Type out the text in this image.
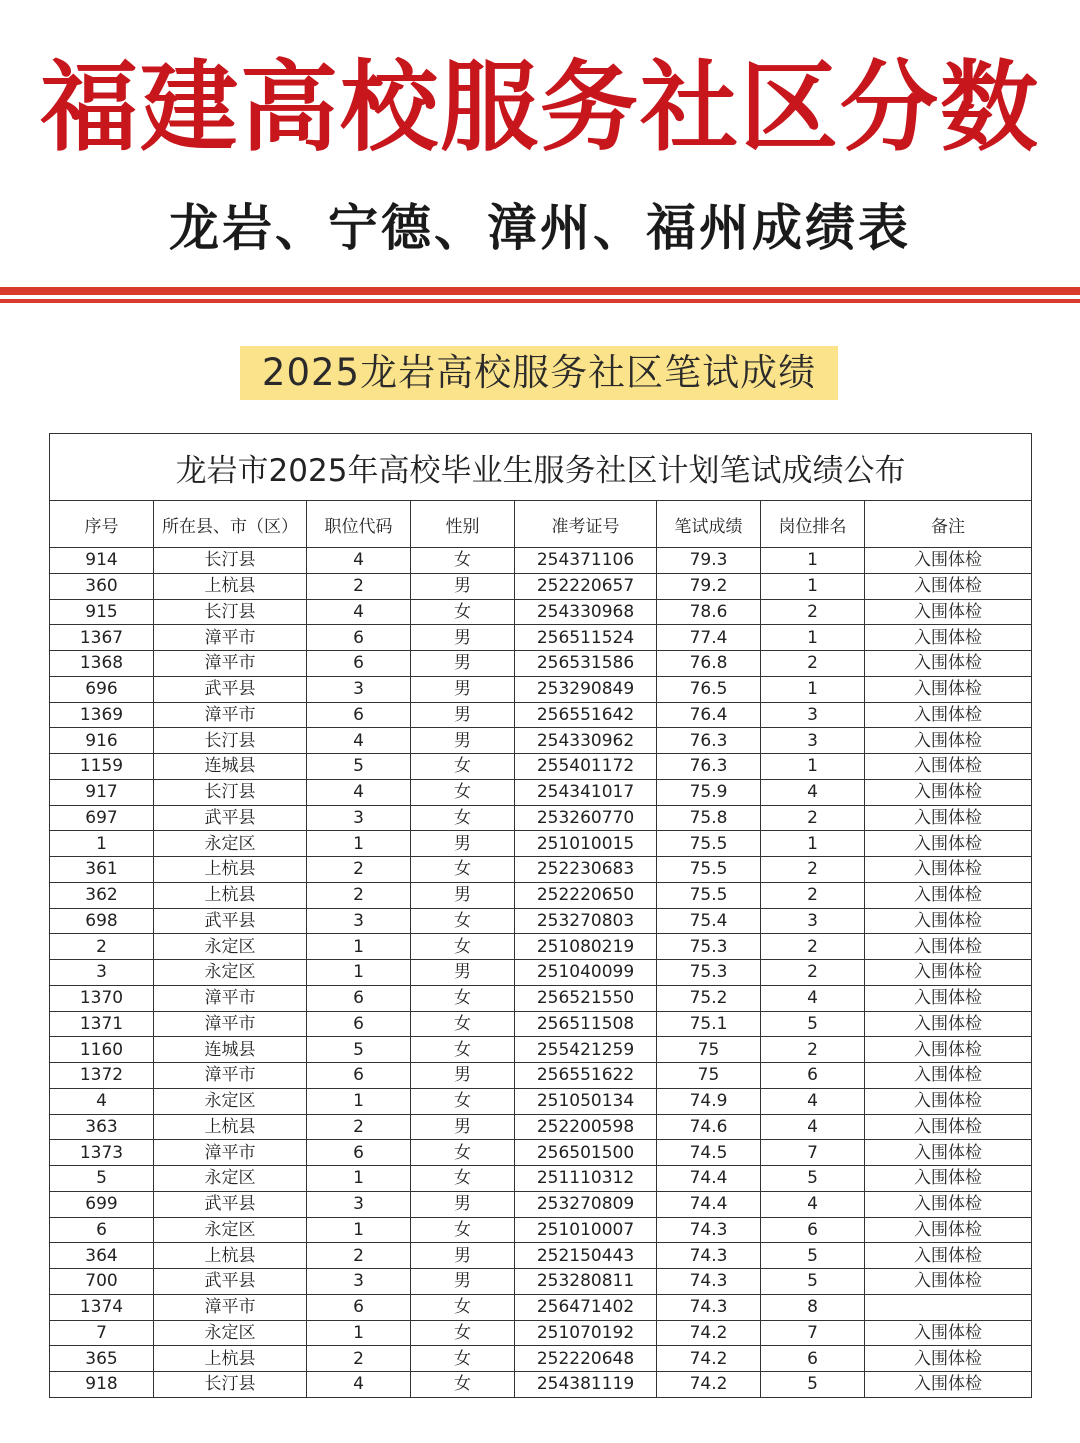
福建高校服务社区分数
龙岩、宁德、漳州、福州成绩表
2025龙岩高校服务社区笔试成绩
龙岩市2025年高校毕业生服务社区计划笔试成绩公布							
序号	所在县、市（区）	职位代码	性别	准考证号	笔试成绩	岗位排名	备注
914	长汀县	4	女	254371106	79.3	1	入围体检
360	上杭县	2	男	252220657	79.2	1	入围体检
915	长汀县	4	女	254330968	78.6	2	入围体检
1367	漳平市	6	男	256511524	77.4	1	入围体检
1368	漳平市	6	男	256531586	76.8	2	入围体检
696	武平县	3	男	253290849	76.5	1	入围体检
1369	漳平市	6	男	256551642	76.4	3	入围体检
916	长汀县	4	男	254330962	76.3	3	入围体检
1159	连城县	5	女	255401172	76.3	1	入围体检
917	长汀县	4	女	254341017	75.9	4	入围体检
697	武平县	3	女	253260770	75.8	2	入围体检
1	永定区	1	男	251010015	75.5	1	入围体检
361	上杭县	2	女	252230683	75.5	2	入围体检
362	上杭县	2	男	252220650	75.5	2	入围体检
698	武平县	3	女	253270803	75.4	3	入围体检
2	永定区	1	女	251080219	75.3	2	入围体检
3	永定区	1	男	251040099	75.3	2	入围体检
1370	漳平市	6	女	256521550	75.2	4	入围体检
1371	漳平市	6	女	256511508	75.1	5	入围体检
1160	连城县	5	女	255421259	75	2	入围体检
1372	漳平市	6	男	256551622	75	6	入围体检
4	永定区	1	女	251050134	74.9	4	入围体检
363	上杭县	2	男	252200598	74.6	4	入围体检
1373	漳平市	6	女	256501500	74.5	7	入围体检
5	永定区	1	女	251110312	74.4	5	入围体检
699	武平县	3	男	253270809	74.4	4	入围体检
6	永定区	1	女	251010007	74.3	6	入围体检
364	上杭县	2	男	252150443	74.3	5	入围体检
700	武平县	3	男	253280811	74.3	5	入围体检
1374	漳平市	6	女	256471402	74.3	8	
7	永定区	1	女	251070192	74.2	7	入围体检
365	上杭县	2	女	252220648	74.2	6	入围体检
918	长汀县	4	女	254381119	74.2	5	入围体检
